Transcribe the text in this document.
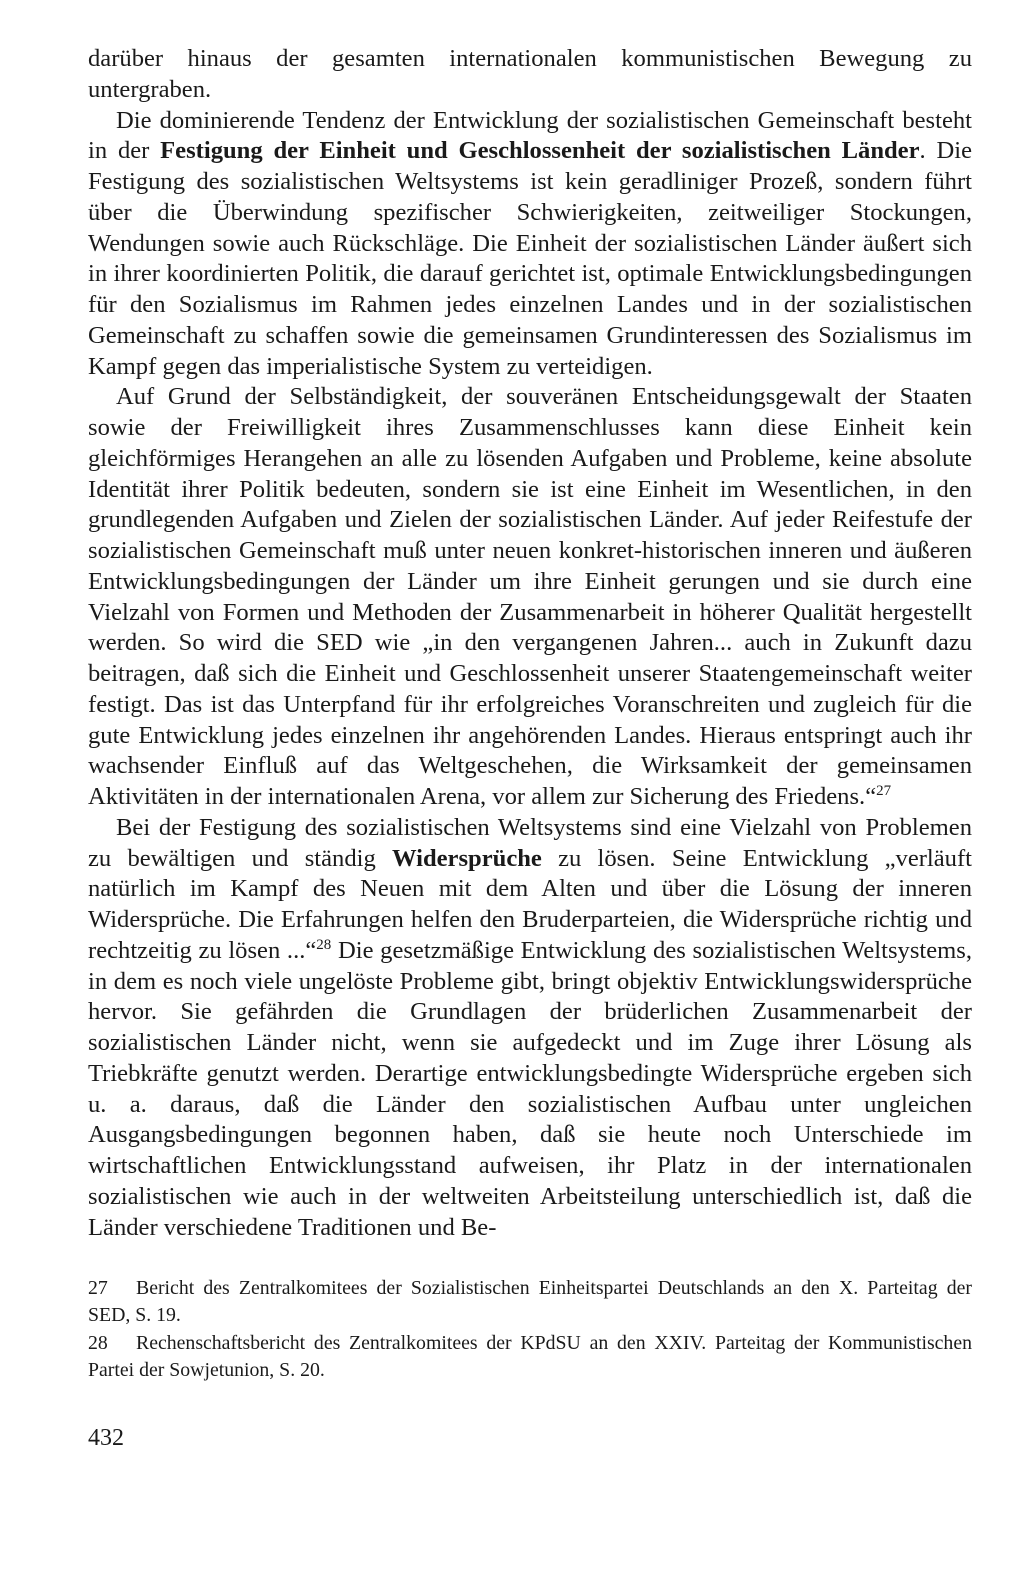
darüber hinaus der gesamten internationalen kommunistischen Bewegung zu untergraben.

Die dominierende Tendenz der Entwicklung der sozialistischen Gemeinschaft besteht in der Festigung der Einheit und Geschlossenheit der sozialistischen Länder. Die Festigung des sozialistischen Weltsystems ist kein geradliniger Prozeß, sondern führt über die Überwindung spezifischer Schwierigkeiten, zeitweiliger Stockungen, Wendungen sowie auch Rückschläge. Die Einheit der sozialistischen Länder äußert sich in ihrer koordinierten Politik, die darauf gerichtet ist, optimale Entwicklungsbedingungen für den Sozialismus im Rahmen jedes einzelnen Landes und in der sozialistischen Gemeinschaft zu schaffen sowie die gemeinsamen Grundinteressen des Sozialismus im Kampf gegen das imperialistische System zu verteidigen.

Auf Grund der Selbständigkeit, der souveränen Entscheidungsgewalt der Staaten sowie der Freiwilligkeit ihres Zusammenschlusses kann diese Einheit kein gleichförmiges Herangehen an alle zu lösenden Aufgaben und Probleme, keine absolute Identität ihrer Politik bedeuten, sondern sie ist eine Einheit im Wesentlichen, in den grundlegenden Aufgaben und Zielen der sozialistischen Länder. Auf jeder Reifestufe der sozialistischen Gemeinschaft muß unter neuen konkret-historischen inneren und äußeren Entwicklungsbedingungen der Länder um ihre Einheit gerungen und sie durch eine Vielzahl von Formen und Methoden der Zusammenarbeit in höherer Qualität hergestellt werden. So wird die SED wie „in den vergangenen Jahren... auch in Zukunft dazu beitragen, daß sich die Einheit und Geschlossenheit unserer Staatengemeinschaft weiter festigt. Das ist das Unterpfand für ihr erfolgreiches Voranschreiten und zugleich für die gute Entwicklung jedes einzelnen ihr angehörenden Landes. Hieraus entspringt auch ihr wachsender Einfluß auf das Weltgeschehen, die Wirksamkeit der gemeinsamen Aktivitäten in der internationalen Arena, vor allem zur Sicherung des Friedens.“$^{27}$

Bei der Festigung des sozialistischen Weltsystems sind eine Vielzahl von Problemen zu bewältigen und ständig Widersprüche zu lösen. Seine Entwicklung „verläuft natürlich im Kampf des Neuen mit dem Alten und über die Lösung der inneren Widersprüche. Die Erfahrungen helfen den Bruderparteien, die Widersprüche richtig und rechtzeitig zu lösen ...“$^{28}$ Die gesetzmäßige Entwicklung des sozialistischen Weltsystems, in dem es noch viele ungelöste Probleme gibt, bringt objektiv Entwicklungswidersprüche hervor. Sie gefährden die Grundlagen der brüderlichen Zusammenarbeit der sozialistischen Länder nicht, wenn sie aufgedeckt und im Zuge ihrer Lösung als Triebkräfte genutzt werden. Derartige entwicklungsbedingte Widersprüche ergeben sich u. a. daraus, daß die Länder den sozialistischen Aufbau unter ungleichen Ausgangsbedingungen begonnen haben, daß sie heute noch Unterschiede im wirtschaftlichen Entwicklungsstand aufweisen, ihr Platz in der internationalen sozialistischen wie auch in der weltweiten Arbeitsteilung unterschiedlich ist, daß die Länder verschiedene Traditionen und Be-

27 Bericht des Zentralkomitees der Sozialistischen Einheitspartei Deutschlands an den X. Parteitag der SED, S. 19.
28 Rechenschaftsbericht des Zentralkomitees der KPdSU an den XXIV. Parteitag der Kommunistischen Partei der Sowjetunion, S. 20.
432
